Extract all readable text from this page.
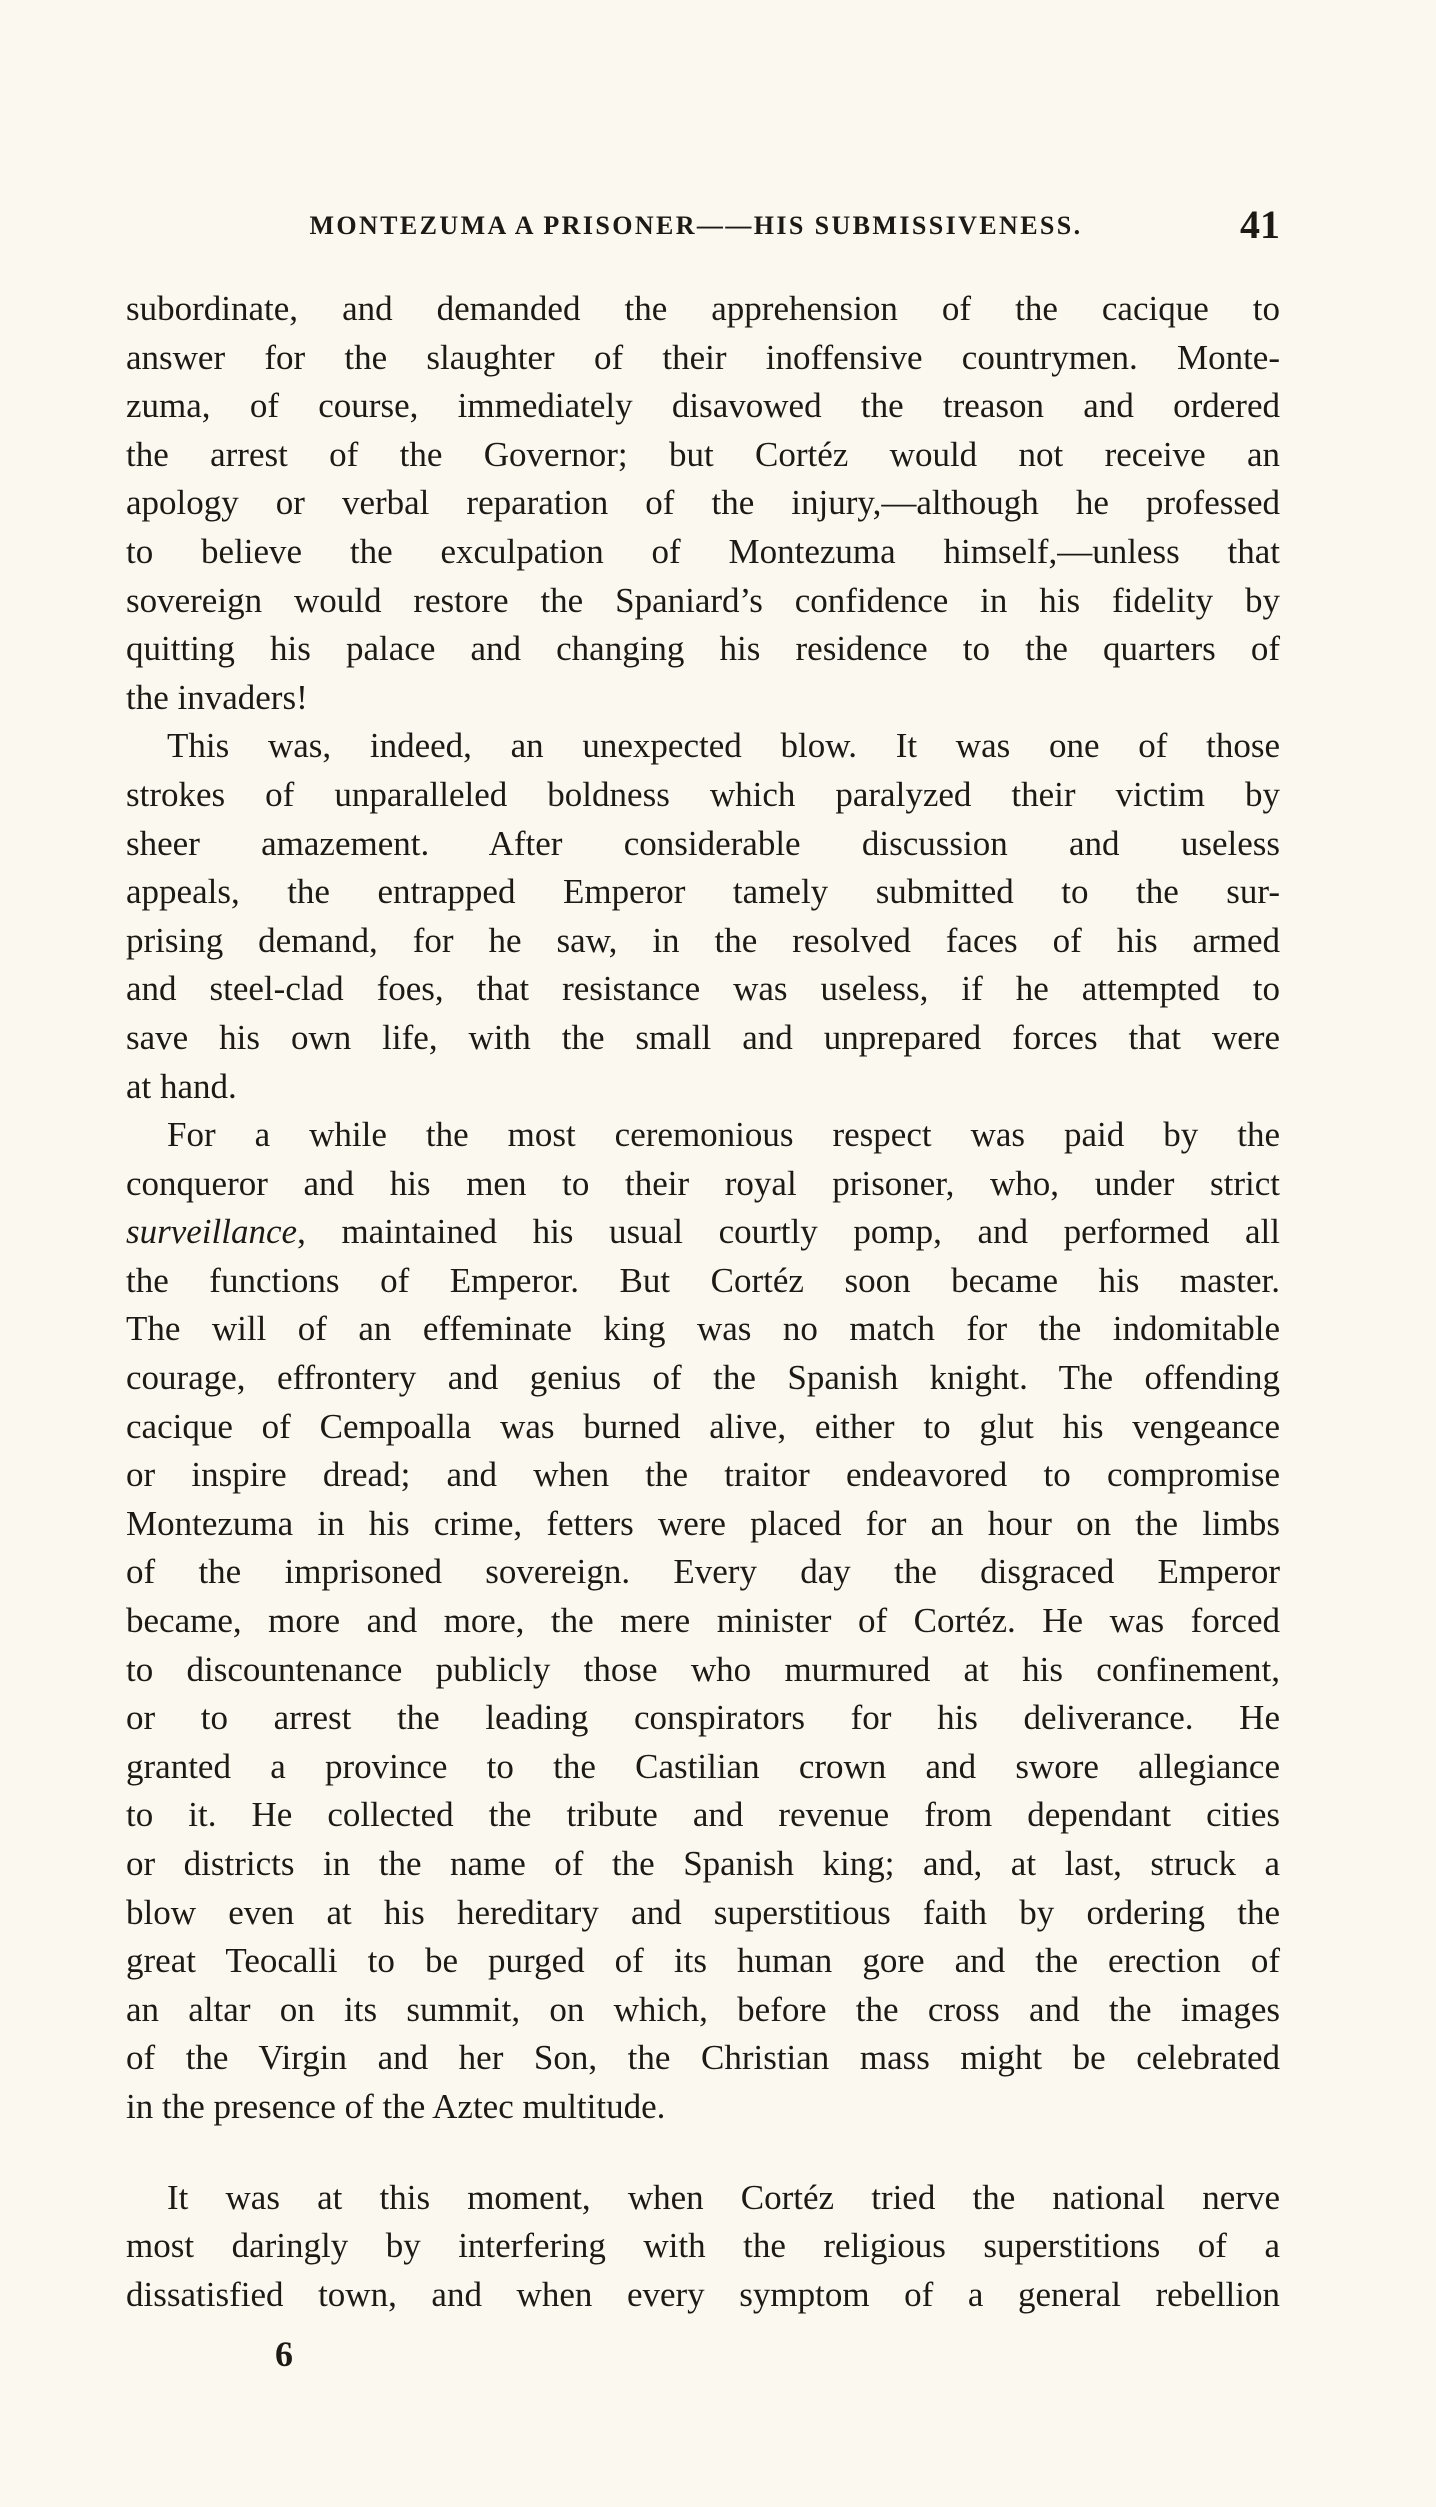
MONTEZUMA A PRISONER——HIS SUBMISSIVENESS.	41
subordinate, and demanded the apprehension of the cacique to
answer for the slaughter of their inoffensive countrymen. Monte-
zuma, of course, immediately disavowed the treason and ordered
the arrest of the Governor; but Cortéz would not receive an
apology or verbal reparation of the injury,—although he professed
to believe the exculpation of Montezuma himself,—unless that
sovereign would restore the Spaniard’s confidence in his fidelity by
quitting his palace and changing his residence to the quarters of
the invaders!
This was, indeed, an unexpected blow. It was one of those
strokes of unparalleled boldness which paralyzed their victim by
sheer amazement. After considerable discussion and useless
appeals, the entrapped Emperor tamely submitted to the sur-
prising demand, for he saw, in the resolved faces of his armed
and steel-clad foes, that resistance was useless, if he attempted to
save his own life, with the small and unprepared forces that were
at hand.
For a while the most ceremonious respect was paid by the
conqueror and his men to their royal prisoner, who, under strict
surveillance, maintained his usual courtly pomp, and performed all
the functions of Emperor. But Cortéz soon became his master.
The will of an effeminate king was no match for the indomitable
courage, effrontery and genius of the Spanish knight. The offending
cacique of Cempoalla was burned alive, either to glut his vengeance
or inspire dread; and when the traitor endeavored to compromise
Montezuma in his crime, fetters were placed for an hour on the limbs
of the imprisoned sovereign. Every day the disgraced Emperor
became, more and more, the mere minister of Cortéz. He was forced
to discountenance publicly those who murmured at his confinement,
or to arrest the leading conspirators for his deliverance. He
granted a province to the Castilian crown and swore allegiance
to it. He collected the tribute and revenue from dependant cities
or districts in the name of the Spanish king; and, at last, struck a
blow even at his hereditary and superstitious faith by ordering the
great Teocalli to be purged of its human gore and the erection of
an altar on its summit, on which, before the cross and the images
of the Virgin and her Son, the Christian mass might be celebrated
in the presence of the Aztec multitude.
It was at this moment, when Cortéz tried the national nerve
most daringly by interfering with the religious superstitions of a
dissatisfied town, and when every symptom of a general rebellion
6
